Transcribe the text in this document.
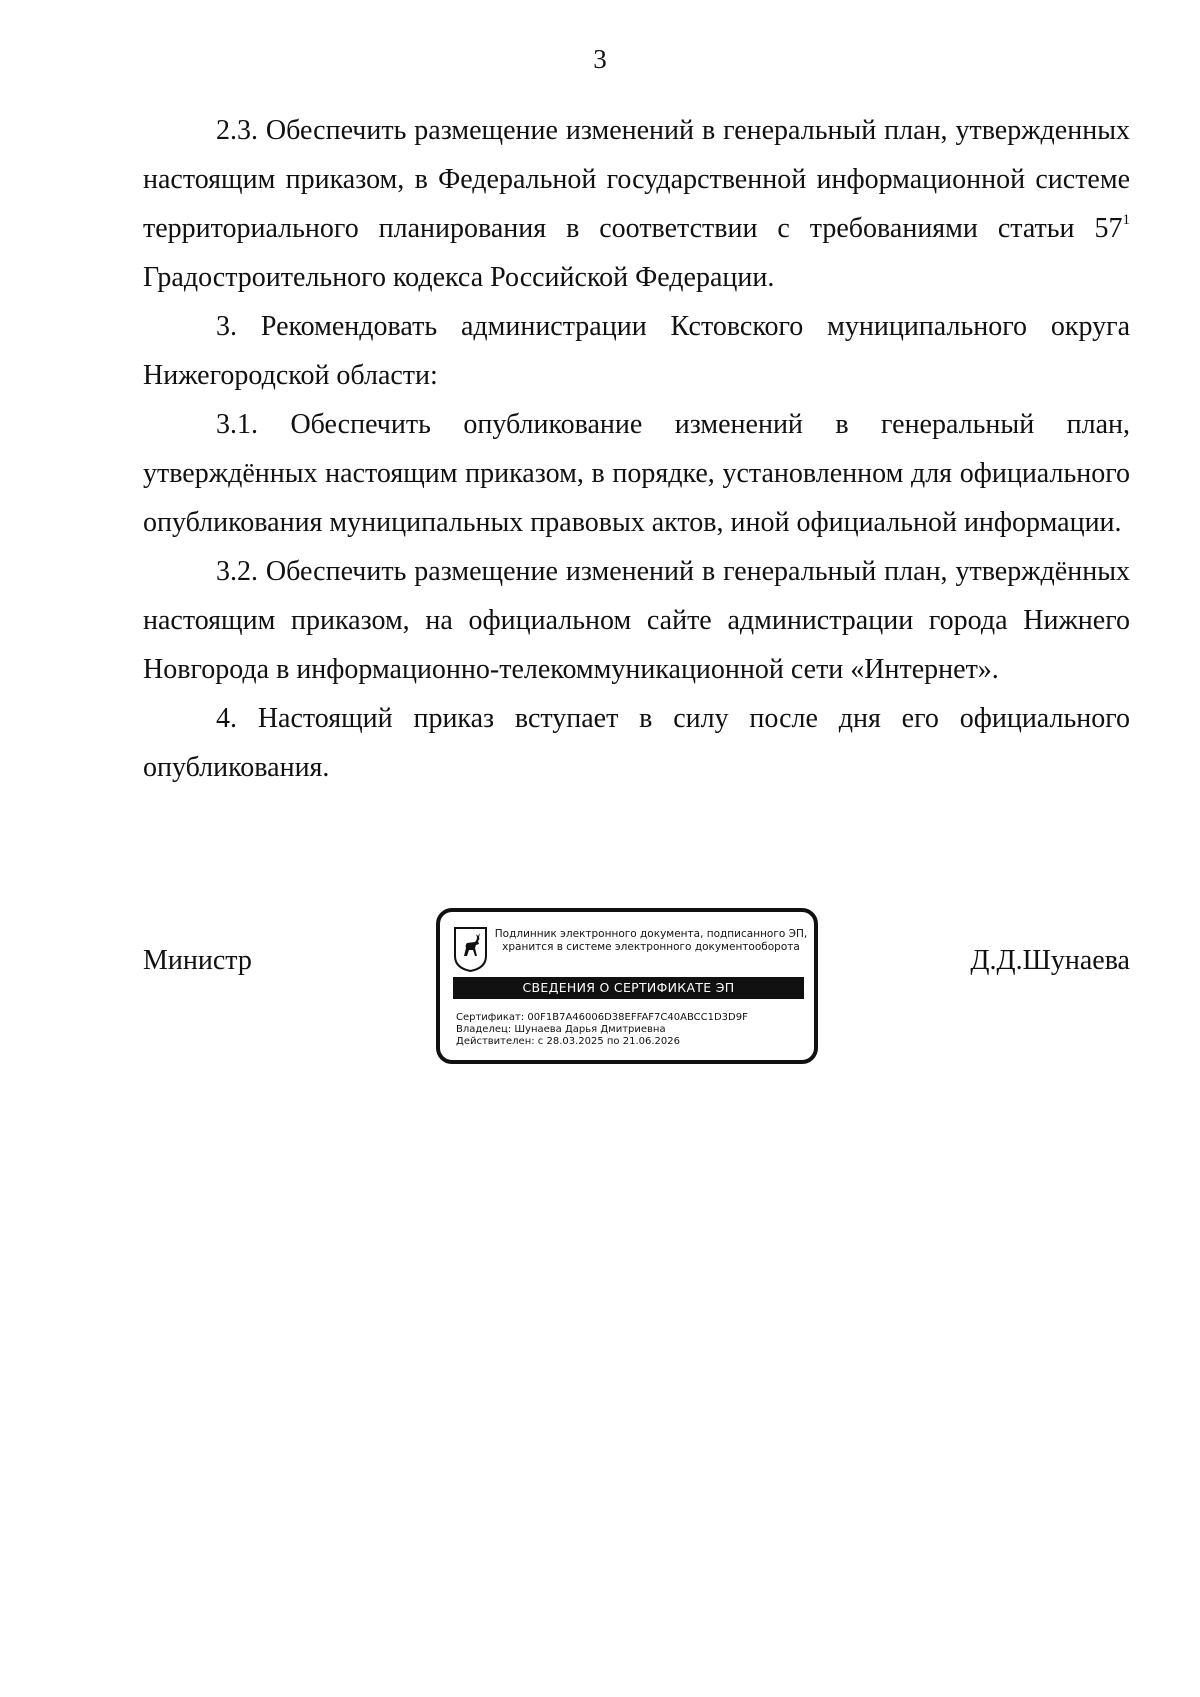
3

2.3. Обеспечить размещение изменений в генеральный план, утвержденных настоящим приказом, в Федеральной государственной информационной системе территориального планирования в соответствии с требованиями статьи $57^1$ Градостроительного кодекса Российской Федерации.

3. Рекомендовать администрации Кстовского муниципального округа Нижегородской области:

3.1. Обеспечить опубликование изменений в генеральный план, утверждённых настоящим приказом, в порядке, установленном для официального опубликования муниципальных правовых актов, иной официальной информации.

3.2. Обеспечить размещение изменений в генеральный план, утверждённых настоящим приказом, на официальном сайте администрации города Нижнего Новгорода в информационно-телекоммуникационной сети «Интернет».

4. Настоящий приказ вступает в силу после дня его официального опубликования.

Министр	Д.Д.Шунаева
Подлинник электронного документа, подписанного ЭП,
хранится в системе электронного документооборота
СВЕДЕНИЯ О СЕРТИФИКАТЕ ЭП
Сертификат: 00F1B7A46006D38EFFAF7C40ABCC1D3D9F
Владелец: Шунаева Дарья Дмитриевна
Действителен: с 28.03.2025 по 21.06.2026
